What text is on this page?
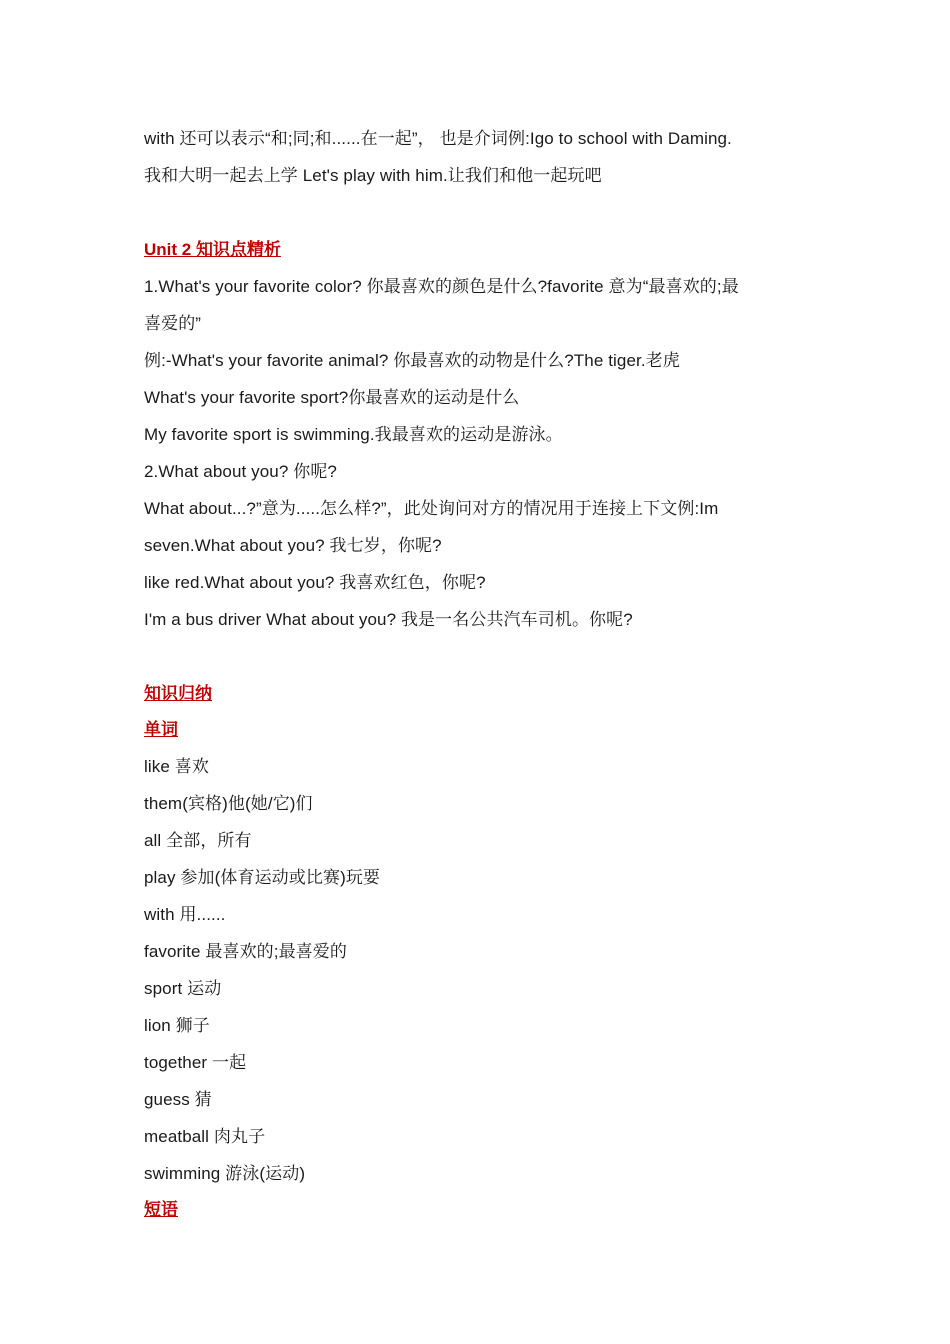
with 还可以表示“和;同;和......在一起”， 也是介词例:Igo to school with Daming.
我和大明一起去上学 Let's play with him.让我们和他一起玩吧
Unit 2 知识点精析
1.What's your favorite color? 你最喜欢的颜色是什么?favorite 意为“最喜欢的;最
喜爱的”
例:-What's your favorite animal? 你最喜欢的动物是什么?The tiger.老虎
What's your favorite sport?你最喜欢的运动是什么
My favorite sport is swimming.我最喜欢的运动是游泳。
2.What about you? 你呢?
What about...?”意为.....怎么样?”，此处询问对方的情况用于连接上下文例:Im
seven.What about you? 我七岁，你呢?
like red.What about you? 我喜欢红色，你呢?
I'm a bus driver What about you? 我是一名公共汽车司机。你呢?
知识归纳
单词
like 喜欢
them(宾格)他(她/它)们
all 全部，所有
play 参加(体育运动或比赛)玩要
with 用......
favorite 最喜欢的;最喜爱的
sport 运动
lion 狮子
together 一起
guess 猜
meatball 肉丸子
swimming 游泳(运动)
短语
